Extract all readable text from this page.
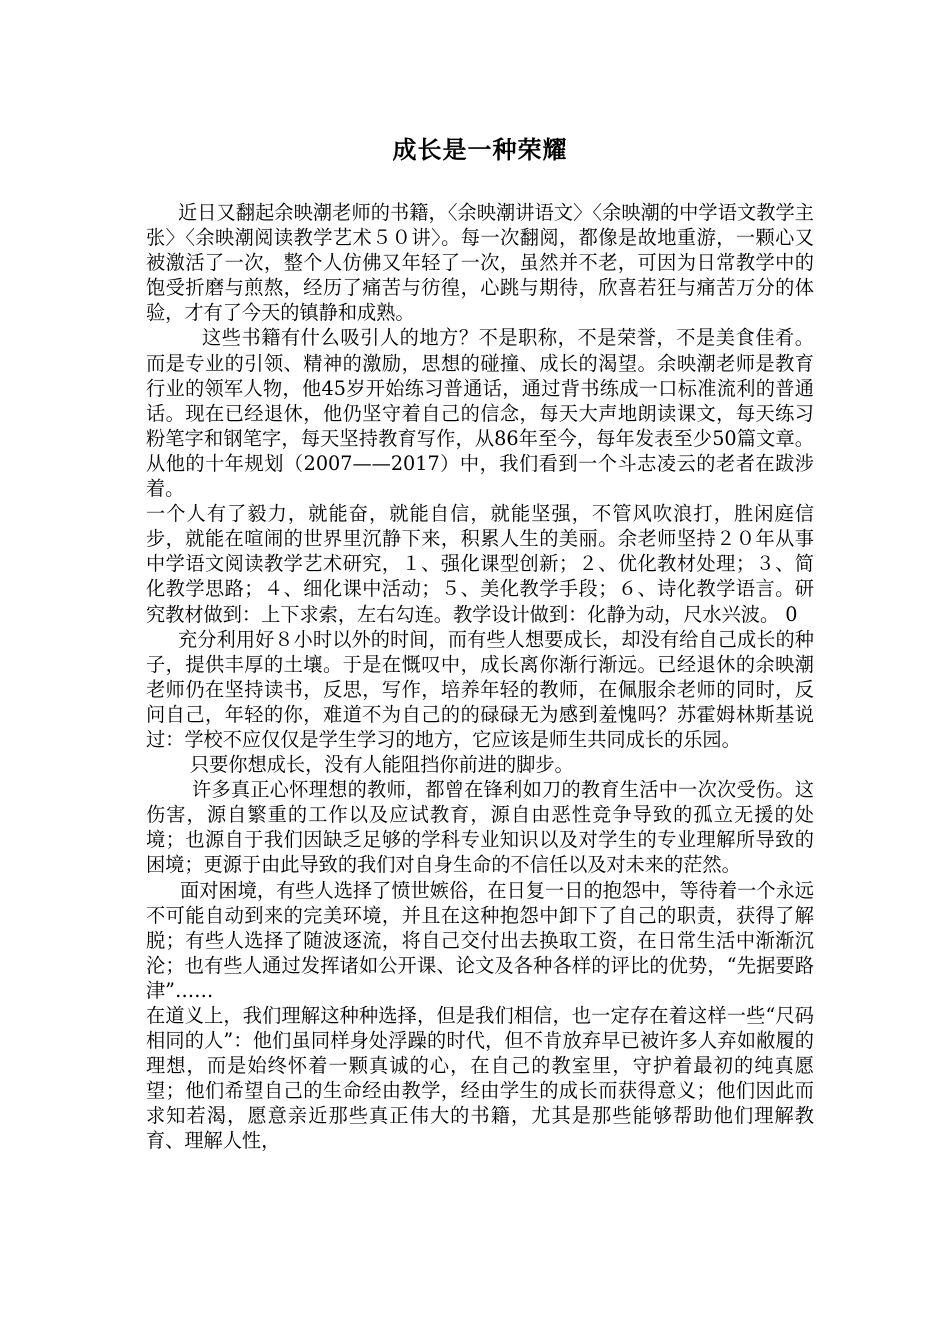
成长是一种荣耀

近日又翻起余映潮老师的书籍，〈余映潮讲语文〉〈余映潮的中学语文教学主张〉〈余映潮阅读教学艺术５０讲〉。每一次翻阅，都像是故地重游，一颗心又被激活了一次，整个人仿佛又年轻了一次，虽然并不老，可因为日常教学中的饱受折磨与煎熬，经历了痛苦与彷徨，心跳与期待，欣喜若狂与痛苦万分的体验，才有了今天的镇静和成熟。

这些书籍有什么吸引人的地方？不是职称，不是荣誉，不是美食佳肴。而是专业的引领、精神的激励，思想的碰撞、成长的渴望。余映潮老师是教育行业的领军人物，他45岁开始练习普通话，通过背书练成一口标准流利的普通话。现在已经退休，他仍坚守着自己的信念，每天大声地朗读课文，每天练习粉笔字和钢笔字，每天坚持教育写作，从86年至今，每年发表至少50篇文章。从他的十年规划（2007——2017）中，我们看到一个斗志凌云的老者在跋涉着。

一个人有了毅力，就能奋，就能自信，就能坚强，不管风吹浪打，胜闲庭信步，就能在喧闹的世界里沉静下来，积累人生的美丽。余老师坚持２０年从事中学语文阅读教学艺术研究，１、强化课型创新；２、优化教材处理；３、简化教学思路；４、细化课中活动；５、美化教学手段；６、诗化教学语言。研究教材做到：上下求索，左右勾连。教学设计做到：化静为动，尺水兴波。 0

充分利用好８小时以外的时间，而有些人想要成长，却没有给自己成长的种子，提供丰厚的土壤。于是在慨叹中，成长离你渐行渐远。已经退休的余映潮老师仍在坚持读书，反思，写作，培养年轻的教师，在佩服余老师的同时，反问自己，年轻的你，难道不为自己的的碌碌无为感到羞愧吗？苏霍姆林斯基说过：学校不应仅仅是学生学习的地方，它应该是师生共同成长的乐园。

只要你想成长，没有人能阻挡你前进的脚步。

许多真正心怀理想的教师，都曾在锋利如刀的教育生活中一次次受伤。这伤害，源自繁重的工作以及应试教育，源自由恶性竞争导致的孤立无援的处境；也源自于我们因缺乏足够的学科专业知识以及对学生的专业理解所导致的困境；更源于由此导致的我们对自身生命的不信任以及对未来的茫然。

面对困境，有些人选择了愤世嫉俗，在日复一日的抱怨中，等待着一个永远不可能自动到来的完美环境，并且在这种抱怨中卸下了自己的职责，获得了解脱；有些人选择了随波逐流，将自己交付出去换取工资，在日常生活中渐渐沉沦；也有些人通过发挥诸如公开课、论文及各种各样的评比的优势，“先据要路津”……

在道义上，我们理解这种种选择，但是我们相信，也一定存在着这样一些“尺码相同的人”：他们虽同样身处浮躁的时代，但不肯放弃早已被许多人弃如敝履的理想，而是始终怀着一颗真诚的心，在自己的教室里，守护着最初的纯真愿望；他们希望自己的生命经由教学，经由学生的成长而获得意义；他们因此而求知若渴，愿意亲近那些真正伟大的书籍，尤其是那些能够帮助他们理解教育、理解人性，
